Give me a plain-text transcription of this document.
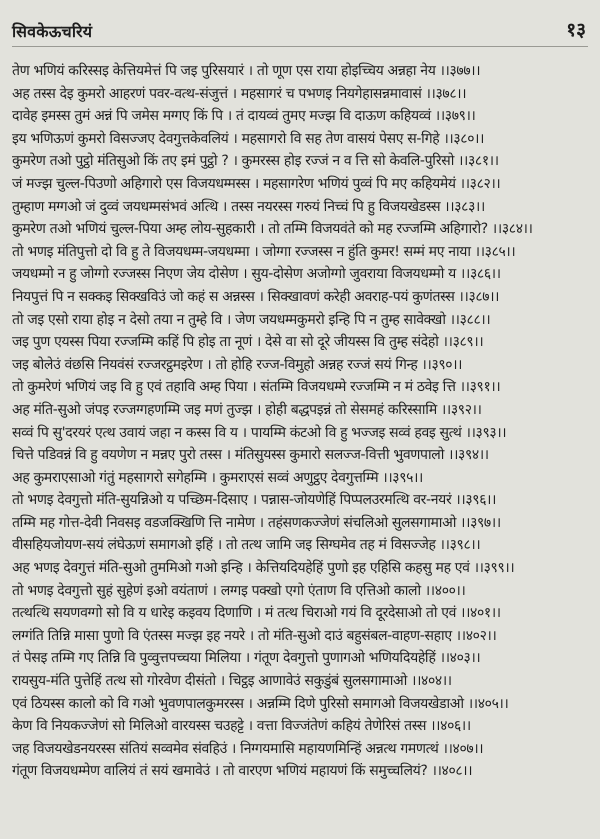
सिवकेऊचरियं	१३
तेण भणियं करिस्सइ केत्तियमेत्तं पि जइ पुरिसयारं । तो णूण एस राया होइच्चिय अन्नहा नेय ।।३७७।।
अह तस्स देइ कुमरो आहरणं पवर-वत्थ-संजुत्तं । महसागरं च पभणइ नियगेहासन्नमावासं ।।३७८।।
दावेह इमस्स तुमं अन्नं पि जमेस मग्गए किं पि । तं दायव्वं तुमए मज्झ वि दाऊण कहियव्वं ।।३७९।।
इय भणिऊणं कुमरो विसज्जए देवगुत्तकेवलियं । महसागरो वि सह तेण वासयं पेसए स-गिहे ।।३८०।।
कुमरेण तओ पुट्ठो मंतिसुओ किं तए इमं पुट्ठो ? । कुमरस्स होइ रज्जं न व त्ति सो केवलि-पुरिसो ।।३८१।।
जं मज्झ चुल्ल-पिउणो अहिगारो एस विजयधम्मस्स । महसागरेण भणियं पुव्वं पि मए कहियमेयं ।।३८२।।
तुम्हाण मग्गओ जं दुव्वं जयधम्मसंभवं अत्थि । तस्स नयरस्स गरुयं निच्चं पि हु विजयखेडस्स ।।३८३।।
कुमरेण तओ भणियं चुल्ल-पिया अम्ह लोय-सुहकारी । तो तम्मि विजयवंते को मह रज्जम्मि अहिगारो? ।।३८४।।
तो भणइ मंतिपुत्तो दो वि हु ते विजयधम्म-जयधम्मा । जोग्गा रज्जस्स न हुंति कुमर! सम्मं मए नाया ।।३८५।।
जयधम्मो न हु जोग्गो रज्जस्स निएण जेय दोसेण । सुय-दोसेण अजोग्गो जुवराया विजयधम्मो य ।।३८६।।
नियपुत्तं पि न सक्कइ सिक्खविउं जो कहं स अन्नस्स । सिक्खावणं करेही अवराह-पयं कुणंतस्स ।।३८७।।
तो जइ एसो राया होइ न देसो तया न तुम्हे वि । जेण जयधम्मकुमरो इन्हि पि न तुम्ह सावेक्खो ।।३८८।।
जइ पुण एयस्स पिया रज्जम्मि कहिं पि होइ ता नूणं । देसे वा सो दूरे जीयस्स वि तुम्ह संदेहो ।।३८९।।
जइ बोलेउं वंछसि नियवंसं रज्जरट्ठमइरेण । तो होहि रज्ज-विमुहो अन्नह रज्जं सयं गिन्ह ।।३९०।।
तो कुमरेणं भणियं जइ वि हु एवं तहावि अम्ह पिया । संतम्मि विजयधम्मे रज्जम्मि न मं ठवेइ त्ति ।।३९१।।
अह मंति-सुओ जंपइ रज्जग्गहणम्मि जइ मणं तुज्झ । होही बद्धपइन्नं तो सेसमहं करिस्सामि ।।३९२।।
सव्वं पि सु'दरयरं एत्थ उवायं जहा न कस्स वि य । पायम्मि कंटओ वि हु भज्जइ सव्वं हवइ सुत्थं ।।३९३।।
चित्ते पडिवन्नं वि हु वयणेण न मन्नए पुरो तस्स । मंतिसुयस्स कुमारो सलज्ज-वित्ती भुवणपालो ।।३९४।।
अह कुमराएसाओ गंतुं महसागरो सगेहम्मि । कुमराएसं सव्वं अणुट्ठए देवगुत्तम्मि ।।३९५।।
तो भणइ देवगुत्तो मंति-सुयन्निओ य पच्छिम-दिसाए । पन्नास-जोयणेहिं पिप्पलउरमत्थि वर-नयरं ।।३९६।।
तम्मि मह गोत्त-देवी निवसइ वडजक्खिणि त्ति नामेण । तहंसणकज्जेणं संचलिओ सुलसगामाओ ।।३९७।।
वीसहियजोयण-सयं लंघेऊणं समागओ इहिं । तो तत्थ जामि जइ सिग्घमेव तह मं विसज्जेह ।।३९८।।
अह भणइ देवगुत्तं मंति-सुओ तुममिओ गओ इन्हि । केत्तियदियहेहिं पुणो इह एहिसि कहसु मह एवं ।।३९९।।
तो भणइ देवगुत्तो सुहं सुहेणं इओ वयंताणं । लग्गइ पक्खो एगो एंताण वि एत्तिओ कालो ।।४००।।
तत्थत्थि सयणवग्गो सो वि य धारेइ कइवय दिणाणि । मं तत्थ चिराओ गयं वि दूरदेसाओ तो एवं ।।४०१।।
लग्गंति तिन्नि मासा पुणो वि एंतस्स मज्झ इह नयरे । तो मंति-सुओ दाउं बहुसंबल-वाहण-सहाए ।।४०२।।
तं पेसइ तम्मि गए तिन्नि वि पुव्वुत्तपच्चया मिलिया । गंतूण देवगुत्तो पुणागओ भणियदियहेहिं ।।४०३।।
रायसुय-मंति पुत्तेहिं तत्थ सो गोरवेण दीसंतो । चिट्ठइ आणावेउं सकुडुंबं सुलसगामाओ ।।४०४।।
एवं ठियस्स कालो को वि गओ भुवणपालकुमरस्स । अन्नम्मि दिणे पुरिसो समागओ विजयखेडाओ ।।४०५।।
केण वि नियकज्जेणं सो मिलिओ वारयस्स चउहट्टे । वत्ता विज्जंतेणं कहियं तेणेरिसं तस्स ।।४०६।।
जह विजयखेडनयरस्स संतियं सव्वमेव संवहिउं । निग्गयमासि महायणमिन्हिं अन्नत्थ गमणत्थं ।।४०७।।
गंतूण विजयधम्मेण वालियं तं सयं खमावेउं । तो वारएण भणियं महायणं किं समुच्चलियं? ।।४०८।।
